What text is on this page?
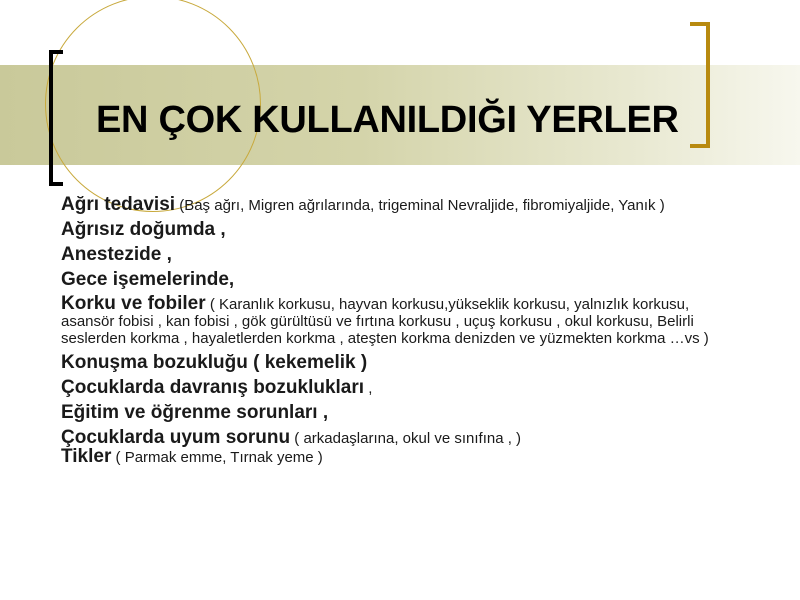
EN ÇOK KULLANILDIĞI YERLER
Ağrı tedavisi (Baş ağrı, Migren ağrılarında, trigeminal Nevraljide, fibromiyaljide, Yanık )
Ağrısız doğumda ,
Anestezide ,
Gece işemelerinde,
Korku ve fobiler ( Karanlık korkusu, hayvan korkusu,yükseklik korkusu, yalnızlık korkusu, asansör fobisi , kan fobisi , gök gürültüsü ve fırtına korkusu , uçuş korkusu , okul korkusu, Belirli seslerden korkma , hayaletlerden korkma , ateşten korkma denizden ve yüzmekten korkma …vs )
Konuşma bozukluğu ( kekemelik )
Çocuklarda davranış bozuklukları ,
Eğitim ve öğrenme sorunları ,
Çocuklarda uyum sorunu ( arkadaşlarına, okul ve sınıfına , )
Tikler ( Parmak emme, Tırnak yeme )
